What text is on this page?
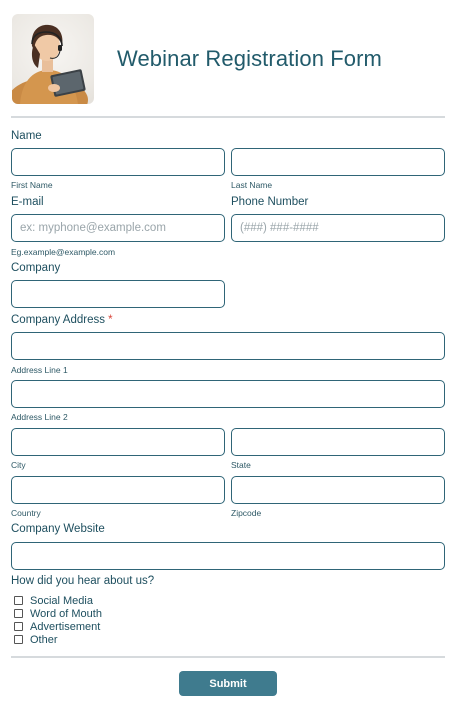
Webinar Registration Form
Name
First Name	Last Name
E-mail	Phone Number
ex: myphone@example.com
(###) ###-####
Eg.example@example.com
Company
Company Address *
Address Line 1
Address Line 2
City	State
Country	Zipcode
Company Website
How did you hear about us?
Social Media
Word of Mouth
Advertisement
Other
Submit
